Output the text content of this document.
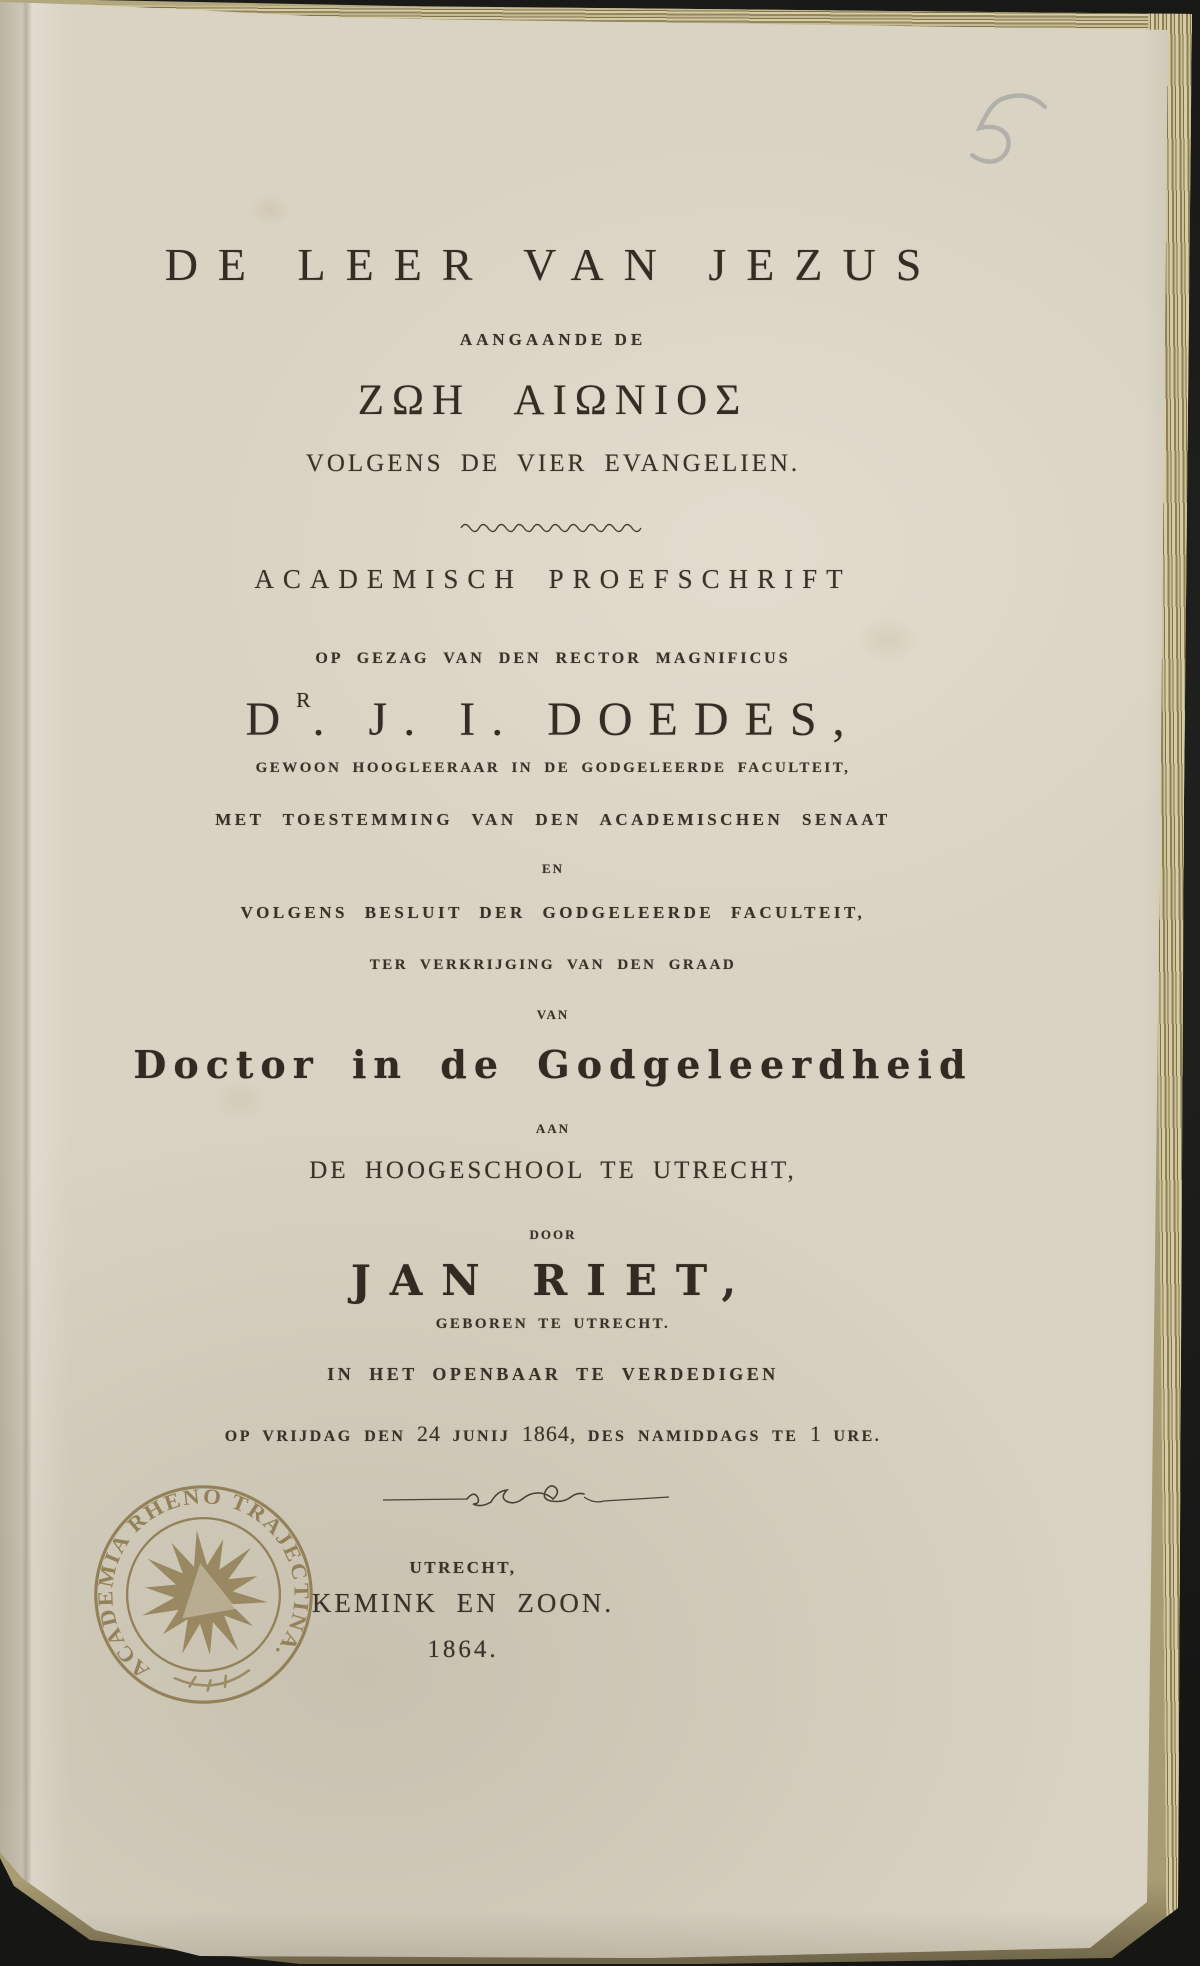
DE LEER VAN JEZUS
AANGAANDE DE
ΖΩΗ ΑΙΩΝΙΟΣ
VOLGENS DE VIER EVANGELIEN.
ACADEMISCH PROEFSCHRIFT
OP GEZAG VAN DEN RECTOR MAGNIFICUS
$D^R$. J. I. DOEDES,
GEWOON HOOGLEERAAR IN DE GODGELEERDE FACULTEIT,
MET TOESTEMMING VAN DEN ACADEMISCHEN SENAAT
EN
VOLGENS BESLUIT DER GODGELEERDE FACULTEIT,
TER VERKRIJGING VAN DEN GRAAD
VAN
Doctor in de Godgeleerdheid
AAN
DE HOOGESCHOOL TE UTRECHT,
DOOR
JAN RIET,
GEBOREN TE UTRECHT.
IN HET OPENBAAR TE VERDEDIGEN
OP VRIJDAG DEN 24 JUNIJ 1864, DES NAMIDDAGS TE 1 URE.
UTRECHT,
KEMINK EN ZOON.
1864.
ACADEMIA RHENO TRAJECTINA.
